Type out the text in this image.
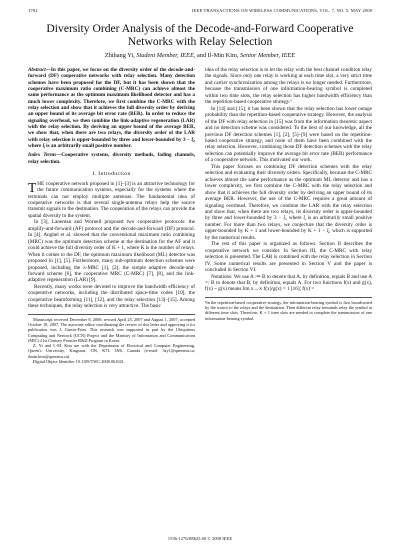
1792	IEEE TRANSACTIONS ON WIRELESS COMMUNICATIONS, VOL. 7, NO. 5, MAY 2008
Diversity Order Analysis of the Decode-and-Forward Cooperative Networks with Relay Selection
Zhihang Yi, Student Member, IEEE, and Il-Min Kim, Senior Member, IEEE

Abstract—In this paper, we focus on the diversity order of the decode-and-forward (DF) cooperative networks with relay selection. Many detection schemes have been proposed for the DF, but it has been shown that the cooperative maximum ratio combining (C-MRC) can achieve almost the same performance as the optimum maximum likelihood detector and has a much lower complexity. Therefore, we first combine the C-MRC with the relay selection and show that it achieves the full diversity order by deriving an upper bound of its average bit error rate (BER). In order to reduce the signaling overhead, we then combine the link-adaptive regeneration (LAR) with the relay selection. By deriving an upper bound of the average BER, we show that, when there are two relays, the diversity order of the LAR with relay selection is upper-bounded by three and lower-bounded by 3 − ξ, where ξ is an arbitrarily small positive number.

Index Terms—Cooperative systems, diversity methods, fading channels, relay selection.

I. Introduction

THE cooperative network proposed in [1]–[3] is an attractive technology for the future communication systems, especially for the systems where the terminals can not employ multiple antennas. The fundamental idea of cooperative networks is that several single-antenna relays help the source transmit signals to the destination. The cooperation of the relays can provide the spatial diversity to the system.

In [3], Laneman and Wornell proposed two cooperative protocols: the amplify-and-forward (AF) protocol and the decode-and-forward (DF) protocol. In [4], Anghel et al. showed that the conventional maximum ratio combining (MRC) was the optimum detection scheme at the destination for the AF and it could achieve the full diversity order of K + 1, where K is the number of relays. When it comes to the DF, the optimum maximum likelihood (ML) detector was proposed in [1], [5]. Furthermore, many sub-optimum detection schemes were proposed, including the λ-MRC [1], [2], the simple adaptive decode-and-forward scheme [6], the cooperative MRC (C-MRC) [7], [8], and the link-adaptive regeneration (LAR) [9].

Recently, many works were devoted to improve the bandwidth efficiency of cooperative networks, including the distributed space-time codes [10], the cooperative beamforming [11], [12], and the relay selection [13]–[15]. Among these techniques, the relay selection is very attractive. The basic

Manuscript received December 8, 2006; revised April 25, 2007 and August 1, 2007; accepted October 18, 2007. The associate editor coordinating the review of this letter and approving it for publication was J. Garcia-Frias. This research was supported in part by the Ubiquitous Computing and Network (UCN) Project and the Ministry of Information and Communication (MIC) 21st Century Frontier R&D Program in Korea.

Z. Yi and I.-M. Kim are with the Department of Electrical and Computer Engineering, Queen's University, Kingston, ON, K7L 3N6, Canada (e-mail: 3zy1@queensu.ca; ilmin.kim@queensu.ca).

Digital Object Identifier 10.1109/TWC.2008.061041.

idea of the relay selection is to let the relay with the best channel condition relay the signals. Since only one relay is working at each time slot, a very strict time and carrier synchronization among the relays is no longer needed. Furthermore, because the transmission of one information-bearing symbol is completed within two time slots, the relay selection has higher bandwidth efficiency than the repetition-based cooperative strategy.¹

In [14] and [15], it has been shown that the relay selection has lower outage probability than the repetition-based cooperative strategy. However, the analysis of the DF with relay selection in [15] was from the information theoretic aspect and no detection scheme was considered. To the best of our knowledge, all the previous DF detection schemes [1], [2], [5]–[9] were based on the repetition-based cooperative strategy, and none of them have been combined with the relay selection. However, combining those DF detection schemes with the relay selection can potentially improve the average bit error rate (BER) performance of a cooperative network. This motivated our work.

This paper focuses on combining DF detection schemes with the relay selection and evaluating their diversity orders. Specifically, because the C-MRC achieves almost the same performance as the optimum ML detector and has a lower complexity, we first combine the C-MRC with the relay selection and show that it achieves the full diversity order by deriving an upper bound of its average BER. However, the use of the C-MRC requires a great amount of signaling overhead. Therefore, we combine the LAR with the relay selection and show that, when there are two relays, its diversity order is upper-bounded by three and lower-bounded by 3 − ξ, where ξ is an arbitrarily small positive number. For more than two relays, we conjecture that the diversity order is upper-bounded by K + 1 and lower-bounded by K + 1 − ξ, which is supported by the numerical results.

The rest of this paper is organized as follows. Section II describes the cooperative network we consider. In Section III, the C-MRC with relay selection is presented. The LAR is combined with the relay selection in Section IV. Some numerical results are presented in Section V and the paper is concluded in Section VI.

Notations: We use A :⇒ B to denote that A, by definition, equals B and use A =: B to denote that B, by definition, equals A. For two functions f(x) and g(x), f(x) ~ g(x) means lim x→∞ f(x)/g(x) = 1 [16]; f(x) =

¹In the repetition-based cooperative strategy, the information-bearing symbol is first broadcasted by the source to the relays and the destination. Then different relay terminals relay the symbol at different time slots. Therefore, K + 1 time slots are needed to complete the transmission of one information-bearing symbol.
1536-1276/08$25.00 © 2008 IEEE
